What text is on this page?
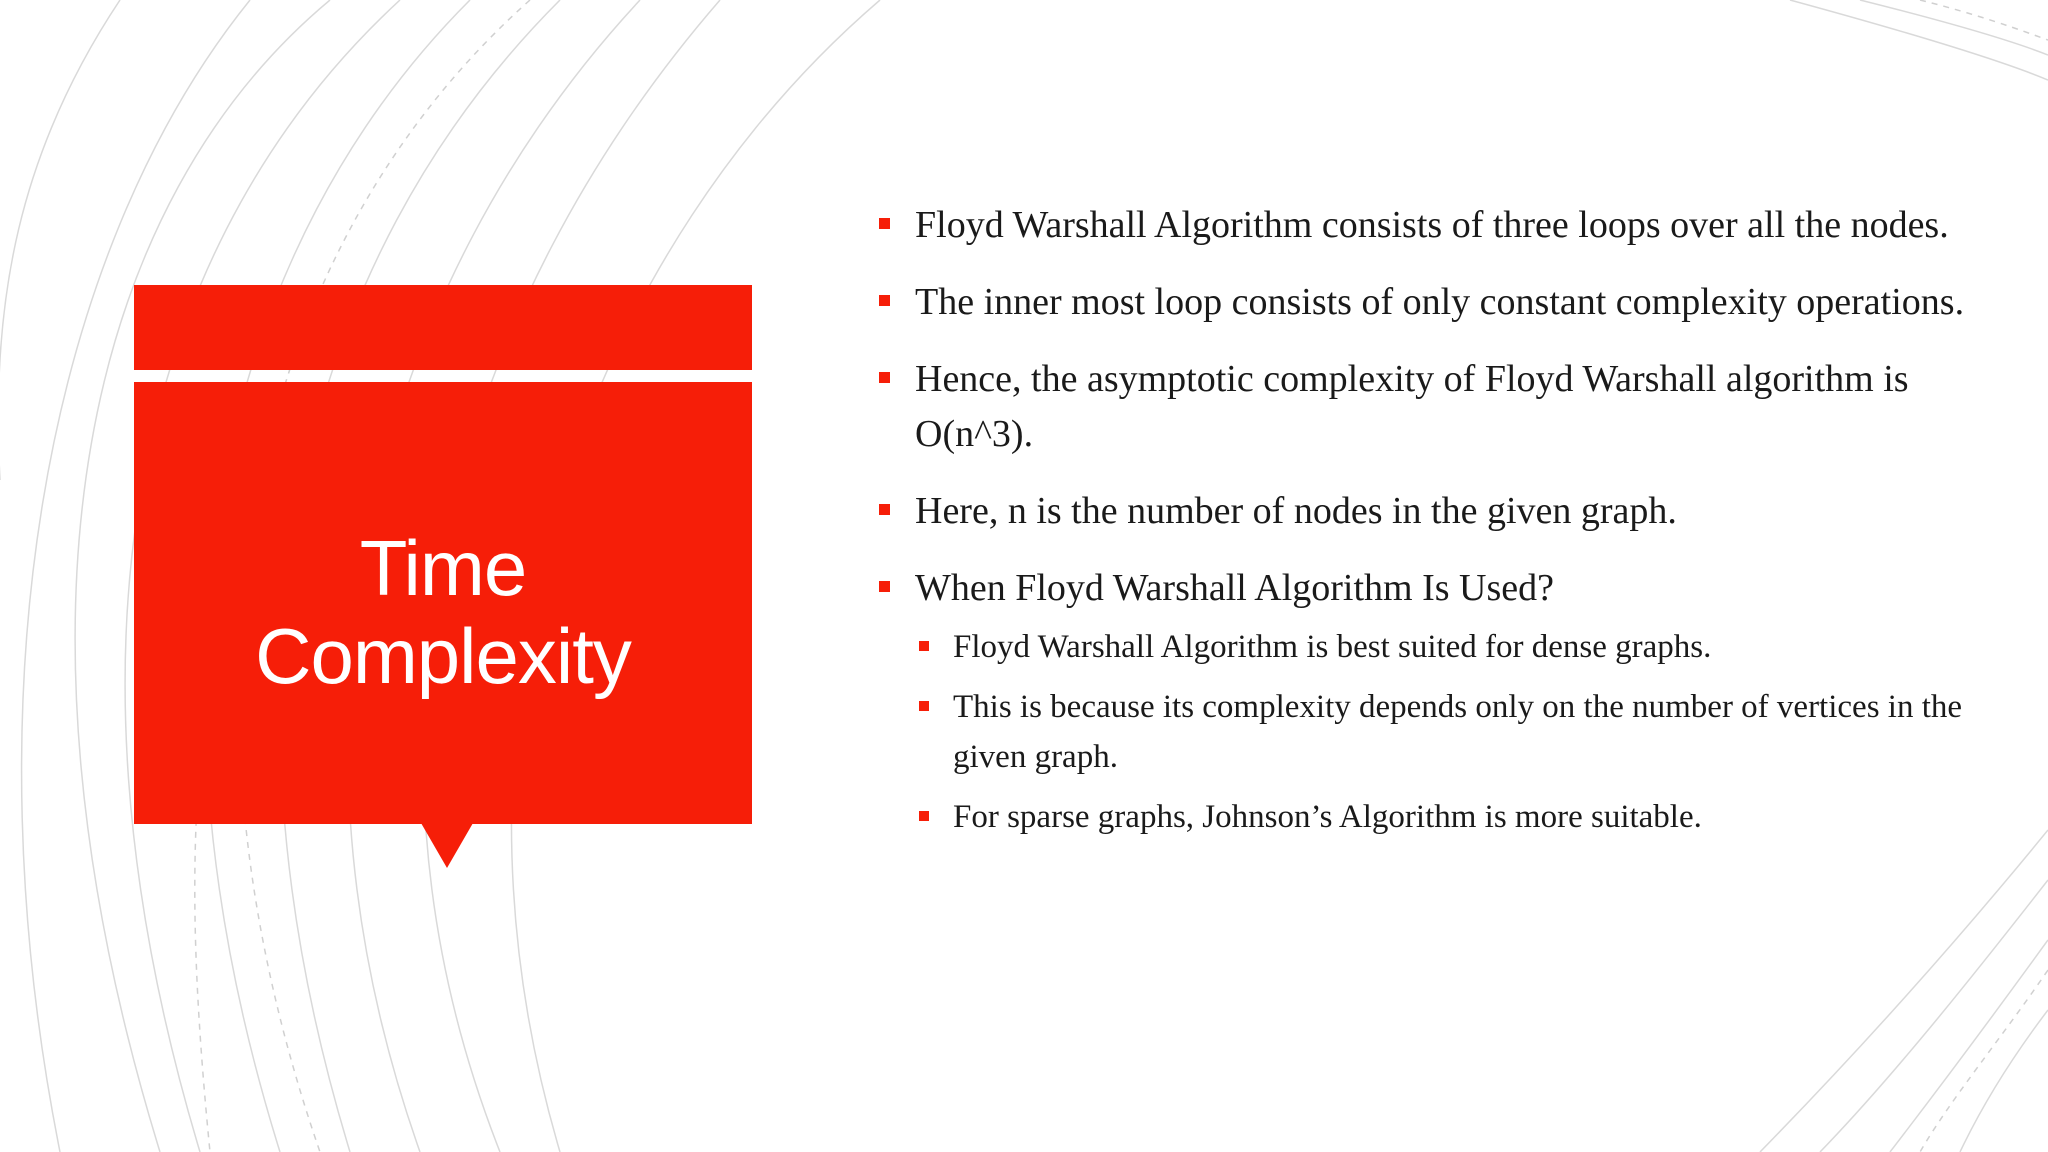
Time
Complexity
Floyd Warshall Algorithm consists of three loops over all the nodes.
The inner most loop consists of only constant complexity operations.
Hence, the asymptotic complexity of Floyd Warshall algorithm is O(n^3).
Here, n is the number of nodes in the given graph.
When Floyd Warshall Algorithm Is Used?
Floyd Warshall Algorithm is best suited for dense graphs.
This is because its complexity depends only on the number of vertices in the given graph.
For sparse graphs, Johnson’s Algorithm is more suitable.
